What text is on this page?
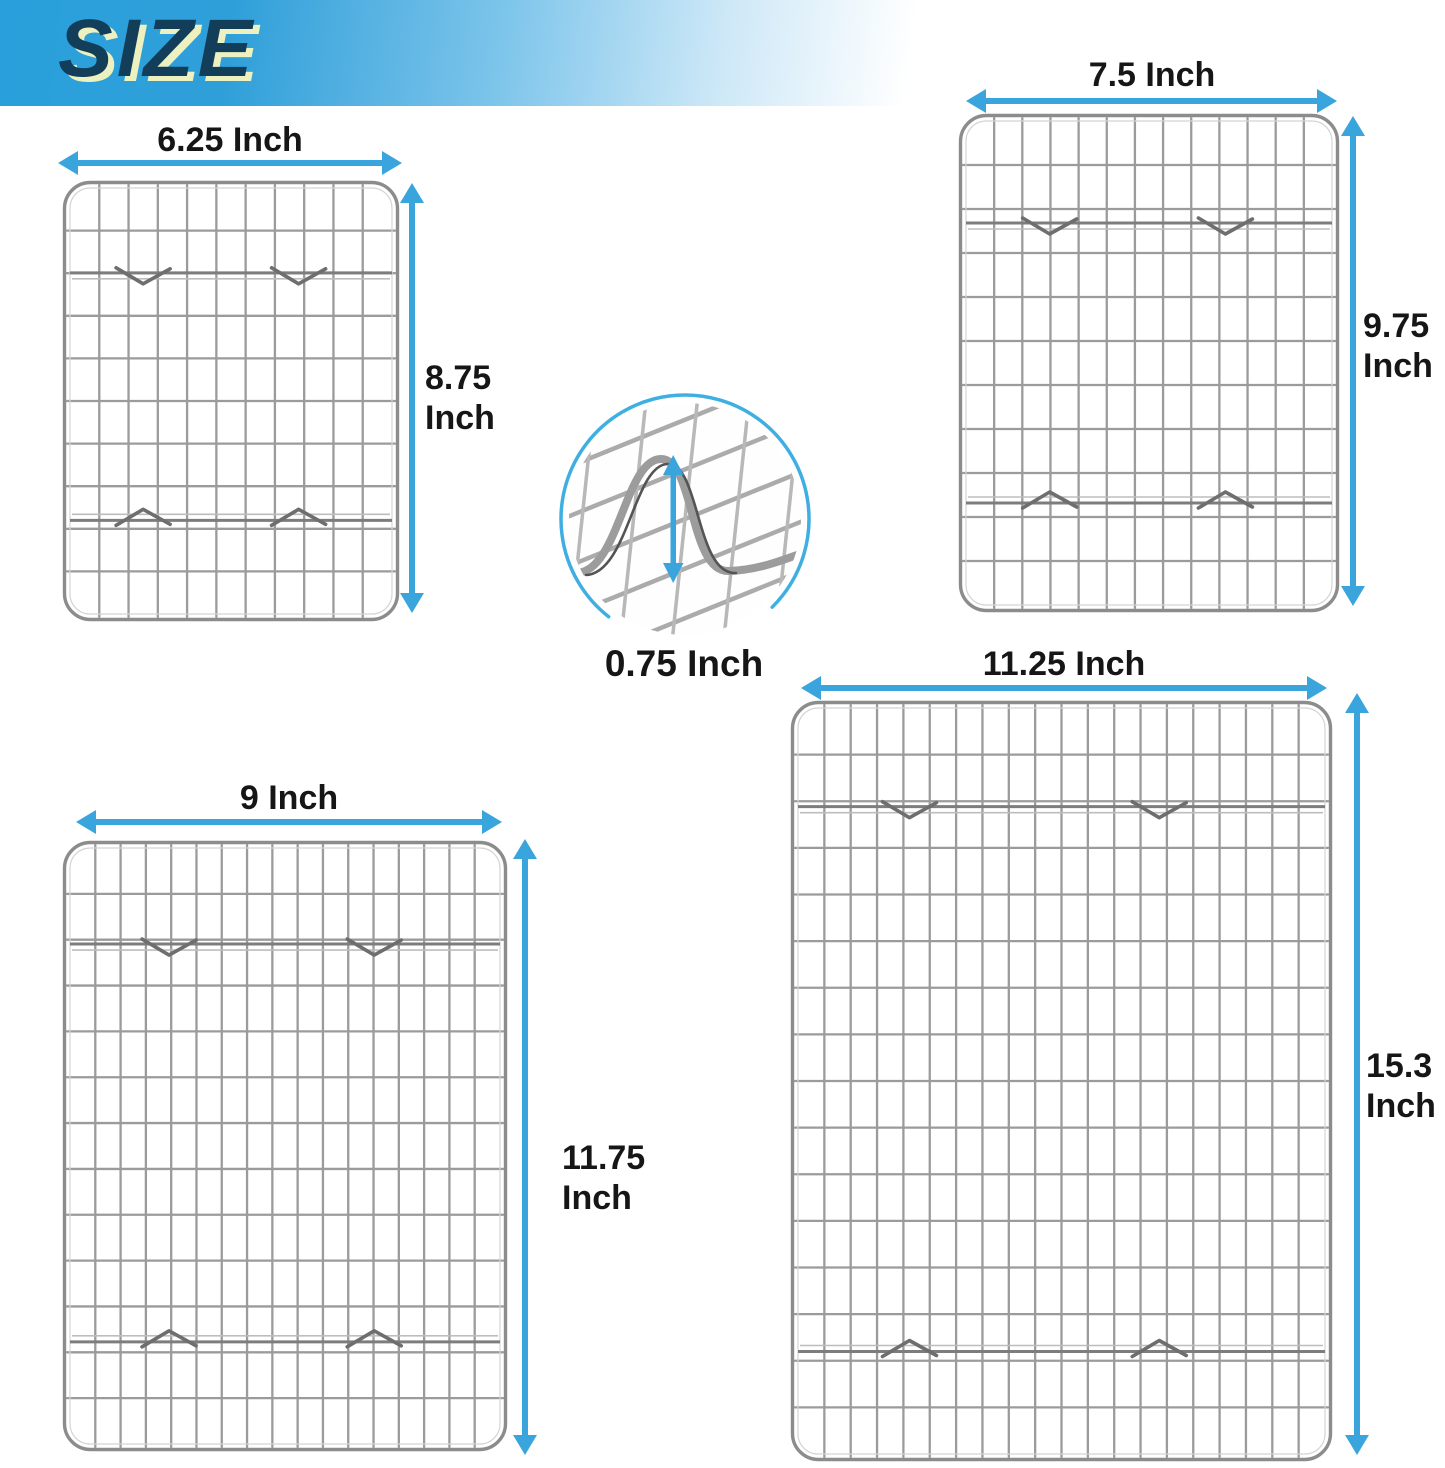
SIZE
6.25 Inch
8.75 Inch
7.5 Inch
9.75 Inch
9 Inch
11.75 Inch
11.25 Inch
15.3 Inch
0.75 Inch
